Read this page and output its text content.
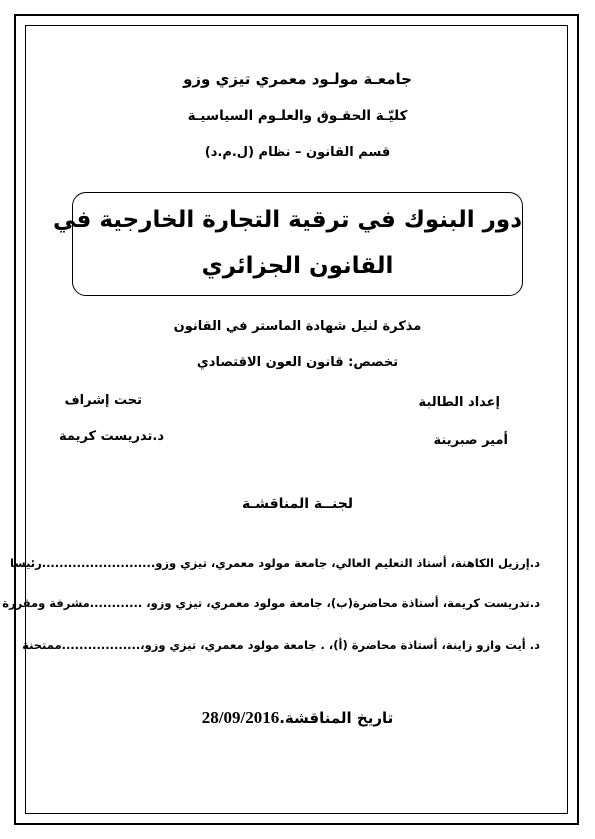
جامعـة مولـود معمري تيزي وزو

كليّـة الحقـوق والعلـوم السياسيـة

قسم القانون – نظام (ل.م.د)

دور البنوك في ترقية التجارة الخارجية في
القانون الجزائري

مذكرة لنيل شهادة الماستر في القانون

تخصص: قانون العون الاقتصادي

إعداد الطالبة

أمير صبرينة

تحت إشراف

د.تدريست كريمة

لجنــة المناقشـة

د.إرزيل الكاهنة، أستاذ التعليم العالي، جامعة مولود معمري، تيزي وزو..........................رئيسا

د.تدريست كريمة، أستاذة محاضرة(ب)، جامعة مولود معمري، تيزي وزو، ............مشرفة ومقررة

د. أيت وازو زاينة، أستاذة محاضرة (أ)، . جامعة مولود معمري، تيزي وزو،..................ممتحنة

تاريخ المناقشة.28/09/2016
